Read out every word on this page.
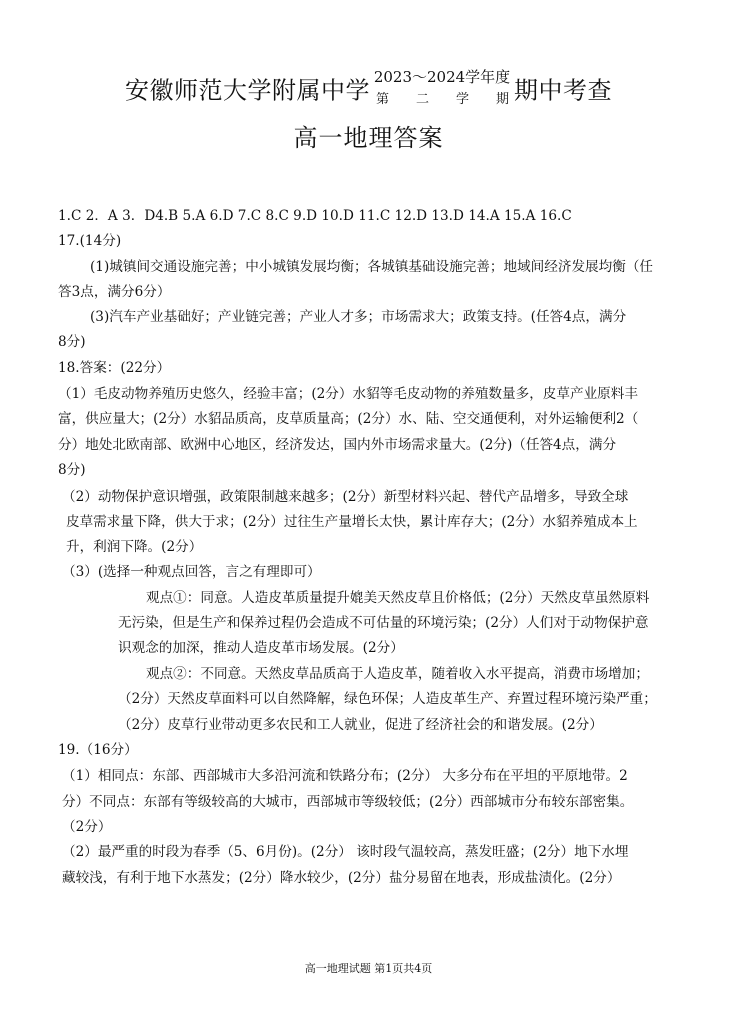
安徽师范大学附属中学 2023～2024学年度
第 二 学 期 期中考查
高一地理答案
1.C 2．A 3．D4.B 5.A 6.D 7.C 8.C 9.D 10.D 11.C 12.D 13.D 14.A 15.A 16.C
17.(14分)
(1)城镇间交通设施完善；中小城镇发展均衡；各城镇基础设施完善；地域间经济发展均衡（任
答3点，满分6分）
(3)汽车产业基础好；产业链完善；产业人才多；市场需求大；政策支持。(任答4点，满分
8分)
18.答案：(22分）
（1）毛皮动物养殖历史悠久，经验丰富；(2分）水貂等毛皮动物的养殖数量多，皮草产业原料丰
富，供应量大；(2分）水貂品质高，皮草质量高；(2分）水、陆、空交通便利，对外运输便利2（
分）地处北欧南部、欧洲中心地区，经济发达，国内外市场需求量大。(2分)（任答4点，满分
8分)
（2）动物保护意识增强，政策限制越来越多；(2分）新型材料兴起、替代产品增多，导致全球
皮草需求量下降，供大于求；(2分）过往生产量增长太快，累计库存大；(2分）水貂养殖成本上
升，利润下降。(2分）
（3）(选择一种观点回答，言之有理即可）
观点①：同意。人造皮革质量提升媲美天然皮草且价格低；(2分）天然皮草虽然原料
无污染，但是生产和保养过程仍会造成不可估量的环境污染；(2分）人们对于动物保护意
识观念的加深，推动人造皮革市场发展。(2分）
观点②：不同意。天然皮草品质高于人造皮革，随着收入水平提高，消费市场增加；
（2分）天然皮草面料可以自然降解，绿色环保；人造皮革生产、弃置过程环境污染严重；
（2分）皮草行业带动更多农民和工人就业，促进了经济社会的和谐发展。(2分）
19.（16分）
（1）相同点：东部、西部城市大多沿河流和铁路分布；(2分） 大多分布在平坦的平原地带。2
分）不同点：东部有等级较高的大城市，西部城市等级较低；(2分）西部城市分布较东部密集。
（2分）
（2）最严重的时段为春季（5、6月份)。(2分） 该时段气温较高，蒸发旺盛；(2分）地下水埋
藏较浅，有利于地下水蒸发；(2分）降水较少，(2分）盐分易留在地表，形成盐渍化。(2分）
高一地理试题 第1页共4页
